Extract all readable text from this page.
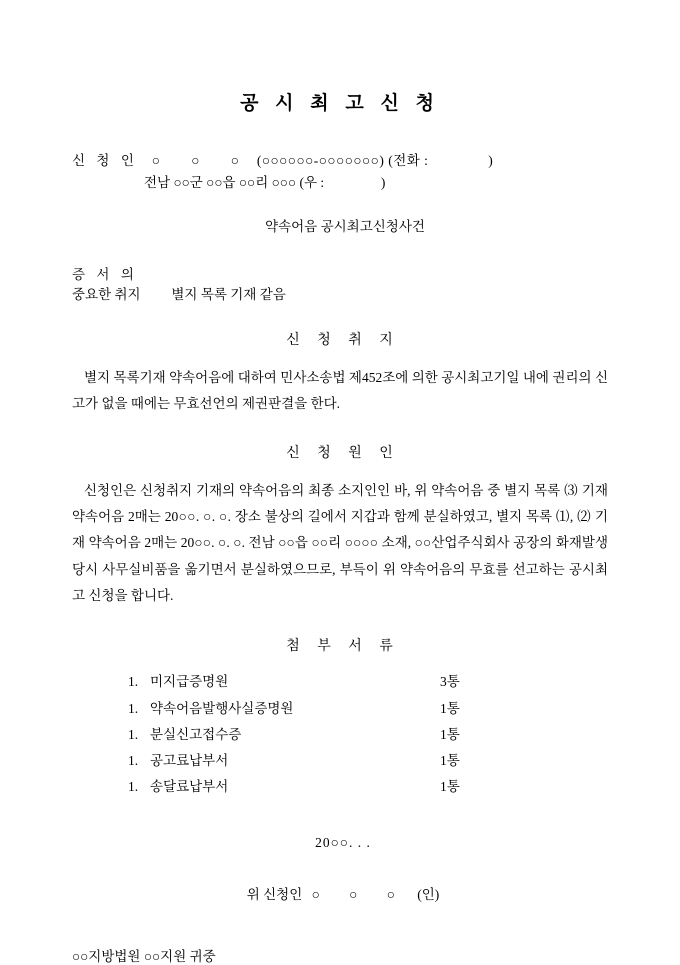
공 시 최 고 신 청
신 청 인 ○ ○ ○ (○○○○○○-○○○○○○○) (전화 :	)
전남 ○○군 ○○읍 ○○리 ○○○ (우 :	)
약속어음 공시최고신청사건
증 서 의
중요한 취지 별지 목록 기재 같음
신 청 취 지
별지 목록기재 약속어음에 대하여 민사소송법 제452조에 의한 공시최고기일 내에 권리의 신고가 없을 때에는 무효선언의 제권판결을 한다.
신 청 원 인
신청인은 신청취지 기재의 약속어음의 최종 소지인인 바, 위 약속어음 중 별지 목록 ⑶ 기재 약속어음 2매는 20○○. ○. ○. 장소 불상의 길에서 지갑과 함께 분실하였고, 별지 목록 ⑴, ⑵ 기재 약속어음 2매는 20○○. ○. ○. 전남 ○○읍 ○○리 ○○○○ 소재, ○○산업주식회사 공장의 화재발생 당시 사무실비품을 옮기면서 분실하였으므로, 부득이 위 약속어음의 무효를 선고하는 공시최고 신청을 합니다.
첨 부 서 류
1. 미지급증명원	3통
1. 약속어음발행사실증명원	1통
1. 분실신고접수증	1통
1. 공고료납부서	1통
1. 송달료납부서	1통
20○○. . .
위 신청인 ○ ○ ○ (인)
○○지방법원 ○○지원 귀중
